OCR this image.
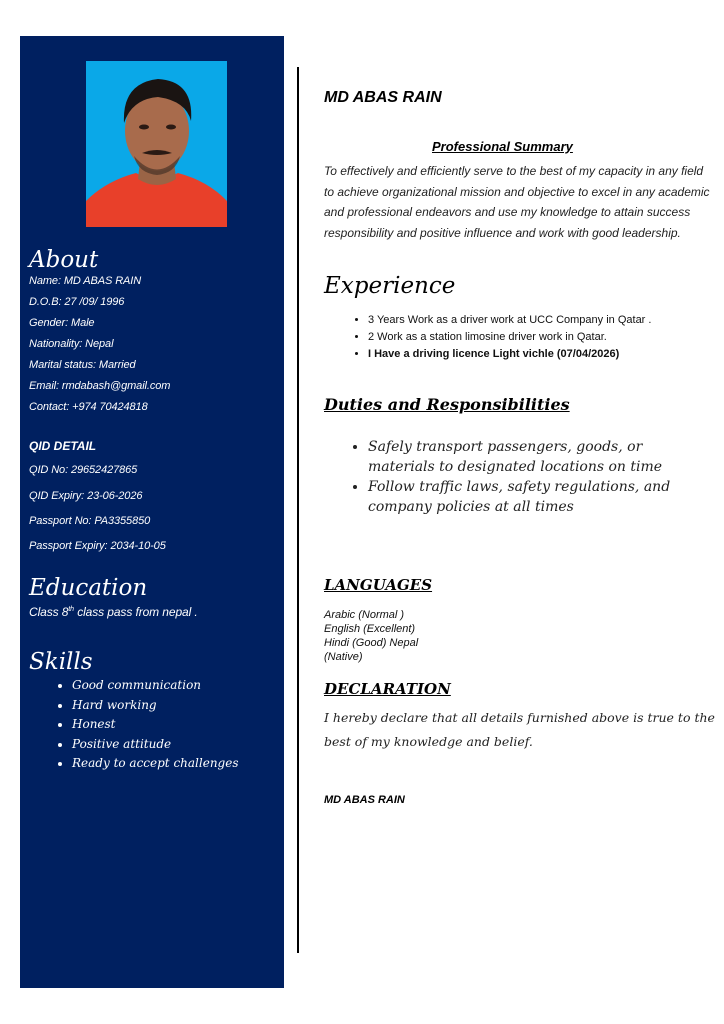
About
Name: MD ABAS RAIN
D.O.B: 27 /09/ 1996
Gender: Male
Nationality: Nepal
Marital status: Married
Email: rmdabash@gmail.com
Contact: +974 70424818
QID DETAIL
QID No: 29652427865
QID Expiry: 23-06-2026
Passport No: PA3355850
Passport Expiry: 2034-10-05
Education
Class 8th class pass from nepal .
Skills
• Good communication
• Hard working
• Honest
• Positive attitude
• Ready to accept challenges
MD ABAS RAIN
Professional Summary
To effectively and efficiently serve to the best of my capacity in any field to achieve organizational mission and objective to excel in any academic and professional endeavors and use my knowledge to attain success responsibility and positive influence and work with good leadership.
Experience
• 3 Years Work as a driver work at UCC Company in Qatar .
• 2 Work as a station limosine driver work in Qatar.
• I Have a driving licence Light vichle (07/04/2026)
Duties and Responsibilities
• Safely transport passengers, goods, or materials to designated locations on time
• Follow traffic laws, safety regulations, and company policies at all times
LANGUAGES
Arabic (Normal )
English (Excellent)
Hindi (Good) Nepal
(Native)
DECLARATION
I hereby declare that all details furnished above is true to the best of my knowledge and belief.
MD ABAS RAIN
